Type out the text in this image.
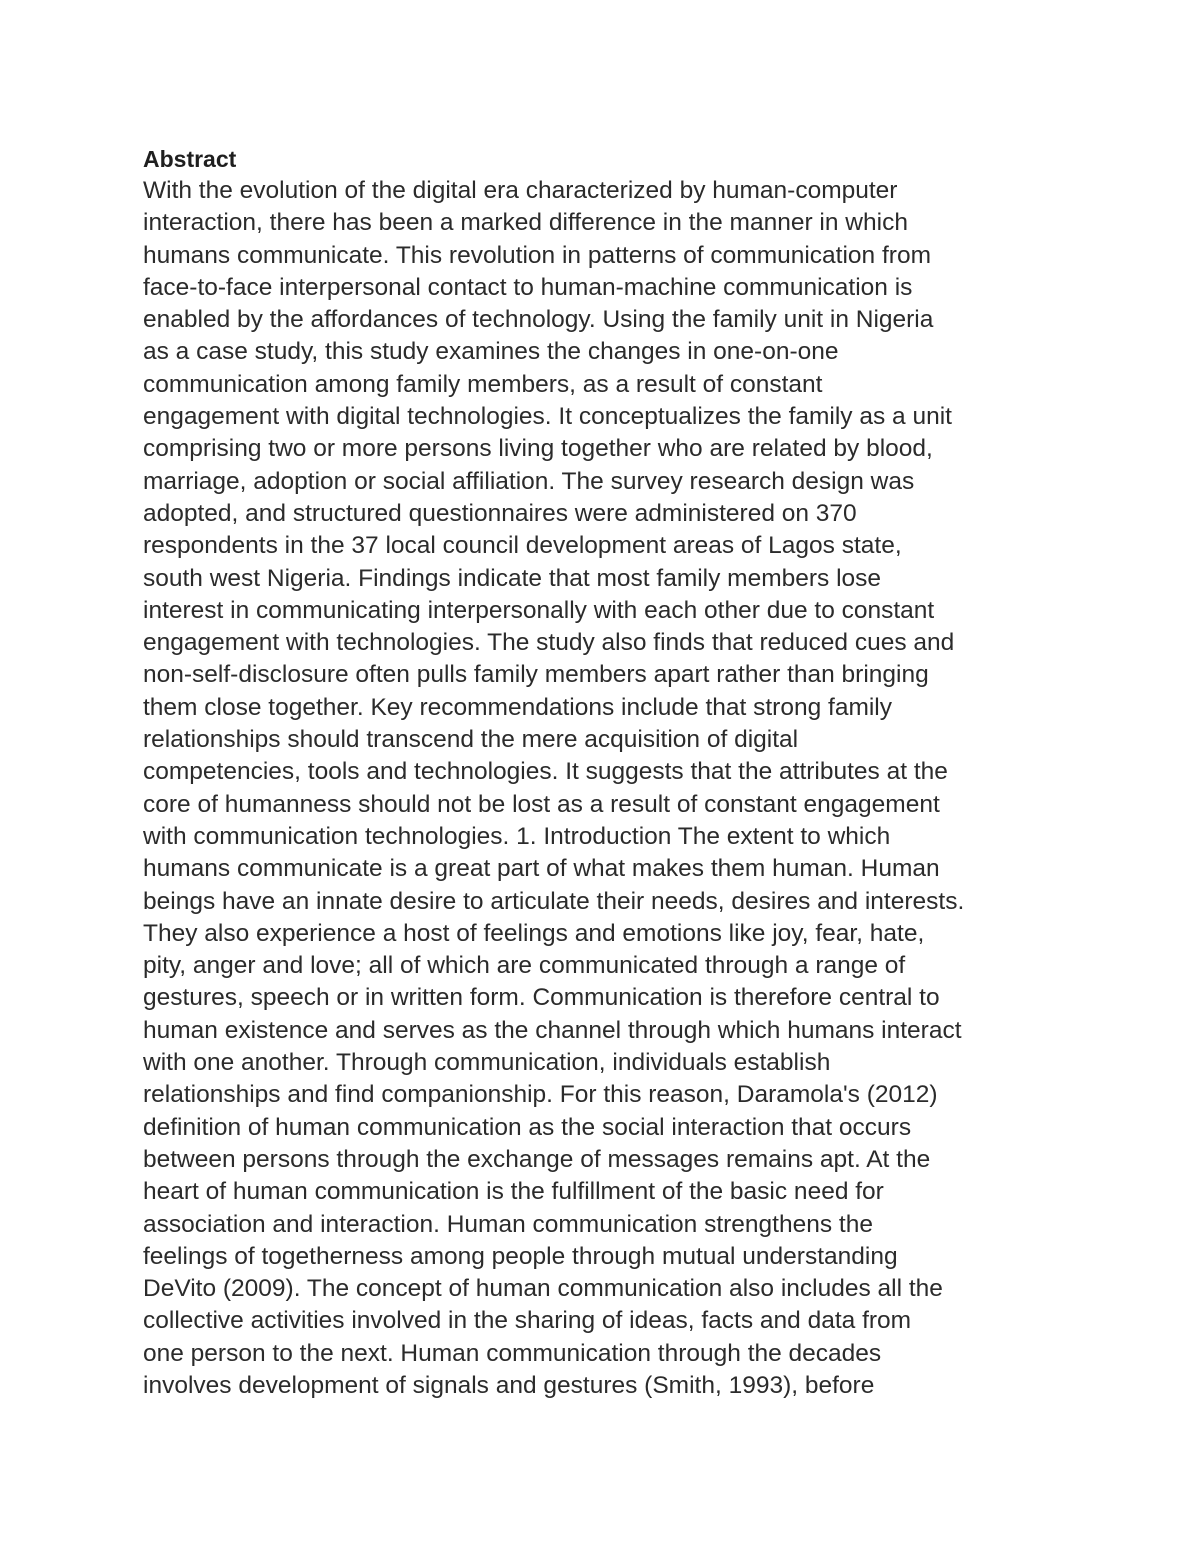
Abstract
With the evolution of the digital era characterized by human-computer
interaction, there has been a marked difference in the manner in which
humans communicate. This revolution in patterns of communication from
face-to-face interpersonal contact to human-machine communication is
enabled by the affordances of technology. Using the family unit in Nigeria
as a case study, this study examines the changes in one-on-one
communication among family members, as a result of constant
engagement with digital technologies. It conceptualizes the family as a unit
comprising two or more persons living together who are related by blood,
marriage, adoption or social affiliation. The survey research design was
adopted, and structured questionnaires were administered on 370
respondents in the 37 local council development areas of Lagos state,
south west Nigeria. Findings indicate that most family members lose
interest in communicating interpersonally with each other due to constant
engagement with technologies. The study also finds that reduced cues and
non-self-disclosure often pulls family members apart rather than bringing
them close together. Key recommendations include that strong family
relationships should transcend the mere acquisition of digital
competencies, tools and technologies. It suggests that the attributes at the
core of humanness should not be lost as a result of constant engagement
with communication technologies. 1. Introduction The extent to which
humans communicate is a great part of what makes them human. Human
beings have an innate desire to articulate their needs, desires and interests.
They also experience a host of feelings and emotions like joy, fear, hate,
pity, anger and love; all of which are communicated through a range of
gestures, speech or in written form. Communication is therefore central to
human existence and serves as the channel through which humans interact
with one another. Through communication, individuals establish
relationships and find companionship. For this reason, Daramola's (2012)
definition of human communication as the social interaction that occurs
between persons through the exchange of messages remains apt. At the
heart of human communication is the fulfillment of the basic need for
association and interaction. Human communication strengthens the
feelings of togetherness among people through mutual understanding
DeVito (2009). The concept of human communication also includes all the
collective activities involved in the sharing of ideas, facts and data from
one person to the next. Human communication through the decades
involves development of signals and gestures (Smith, 1993), before
